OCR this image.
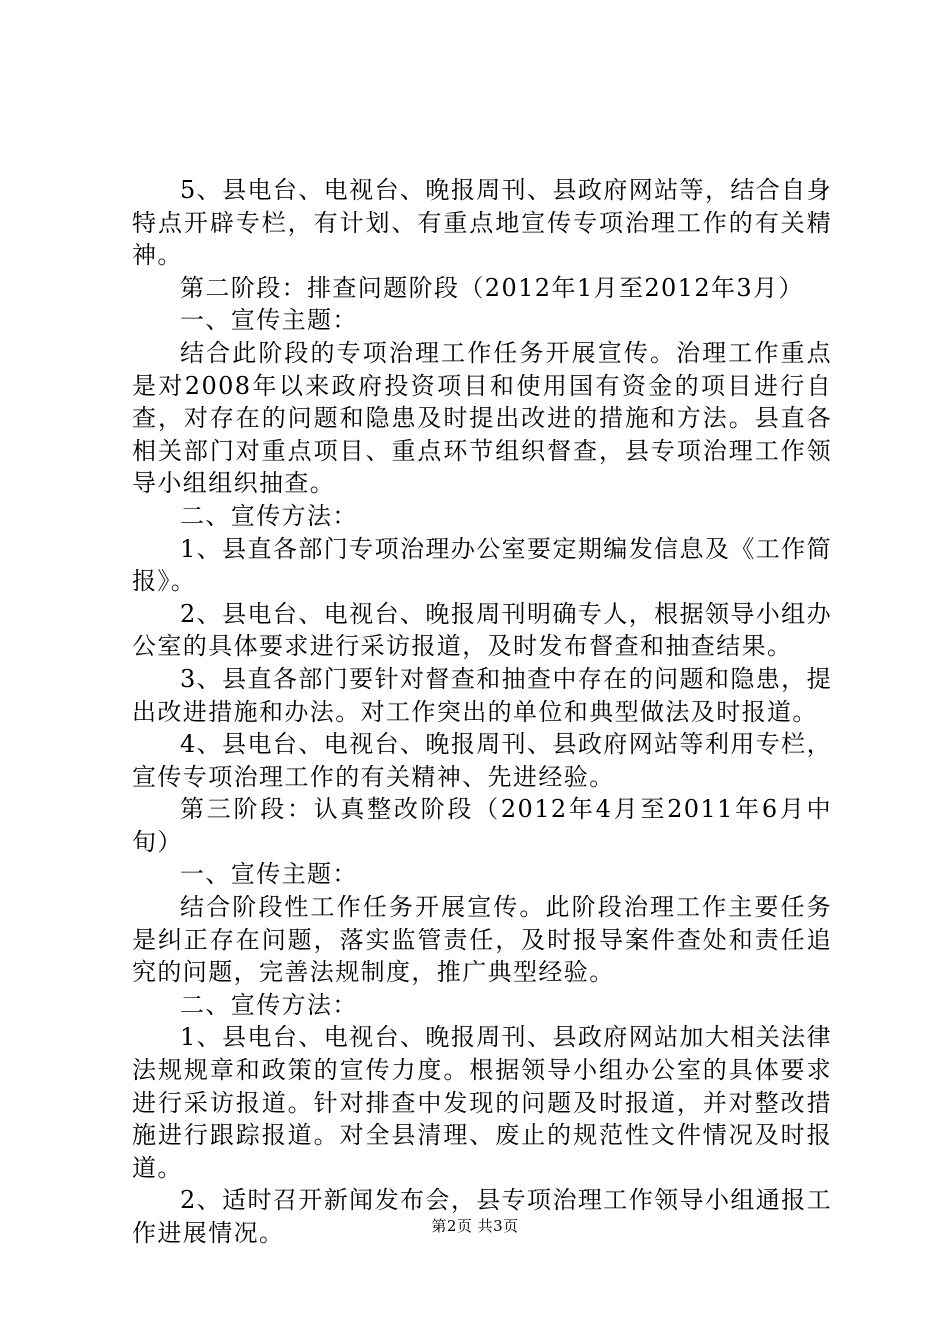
5、县电台、电视台、晚报周刊、县政府网站等，结合自身特点开辟专栏，有计划、有重点地宣传专项治理工作的有关精神。

第二阶段：排查问题阶段（2012年1月至2012年3月）

一、宣传主题：

结合此阶段的专项治理工作任务开展宣传。治理工作重点是对2008年以来政府投资项目和使用国有资金的项目进行自查，对存在的问题和隐患及时提出改进的措施和方法。县直各相关部门对重点项目、重点环节组织督查，县专项治理工作领导小组组织抽查。

二、宣传方法：

1、县直各部门专项治理办公室要定期编发信息及《工作简报》。

2、县电台、电视台、晚报周刊明确专人，根据领导小组办公室的具体要求进行采访报道，及时发布督查和抽查结果。

3、县直各部门要针对督查和抽查中存在的问题和隐患，提出改进措施和办法。对工作突出的单位和典型做法及时报道。

4、县电台、电视台、晚报周刊、县政府网站等利用专栏，宣传专项治理工作的有关精神、先进经验。

第三阶段：认真整改阶段（2012年4月至2011年6月中旬）

一、宣传主题：

结合阶段性工作任务开展宣传。此阶段治理工作主要任务是纠正存在问题，落实监管责任，及时报导案件查处和责任追究的问题，完善法规制度，推广典型经验。

二、宣传方法：

1、县电台、电视台、晚报周刊、县政府网站加大相关法律法规规章和政策的宣传力度。根据领导小组办公室的具体要求进行采访报道。针对排查中发现的问题及时报道，并对整改措施进行跟踪报道。对全县清理、废止的规范性文件情况及时报道。

2、适时召开新闻发布会，县专项治理工作领导小组通报工作进展情况。	第2页 共3页
